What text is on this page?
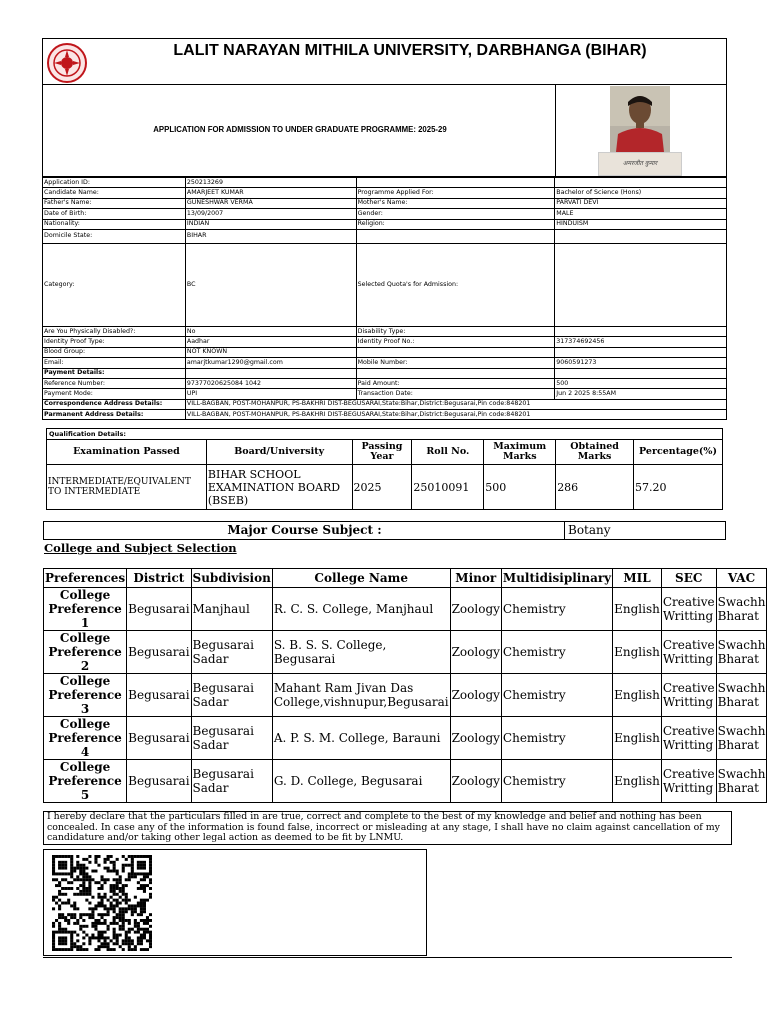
LALIT NARAYAN MITHILA UNIVERSITY, DARBHANGA (BIHAR)
APPLICATION FOR ADMISSION TO UNDER GRADUATE PROGRAMME: 2025-29
अमरजीत कुमार
Application ID:	250213269		
Candidate Name:	AMARJEET KUMAR	Programme Applied For:	Bachelor of Science (Hons)
Father's Name:	GUNESHWAR VERMA	Mother's Name:	PARVATI DEVI
Date of Birth:	13/09/2007	Gender:	MALE
Nationality:	INDIAN	Religion:	HINDUISM
Domicile State:	BIHAR		
Category:	BC	Selected Quota's for Admission:	
Are You Physically Disabled?:	No	Disability Type:	
Identity Proof Type:	Aadhar	Identity Proof No.:	317374692456
Blood Group:	NOT KNOWN		
Email:	amarjtkumar1290@gmail.com	Mobile Number:	9060591273
Payment Details:			
Reference Number:	97377020625084 1042	Paid Amount:	500
Payment Mode:	UPI	Transaction Date:	Jun 2 2025 8:55AM
Correspondence Address Details:	VILL-BAGBAN, POST-MOHANPUR, PS-BAKHRI DIST-BEGUSARAI,State:Bihar,District:Begusarai,Pin code:848201		
Parmanent Address Details:	VILL-BAGBAN, POST-MOHANPUR, PS-BAKHRI DIST-BEGUSARAI,State:Bihar,District:Begusarai,Pin code:848201		
Qualification Details:						
Examination Passed	Board/University	Passing Year	Roll No.	Maximum Marks	Obtained Marks	Percentage(%)
INTERMEDIATE/EQUIVALENT TO INTERMEDIATE	BIHAR SCHOOL EXAMINATION BOARD (BSEB)	2025	25010091	500	286	57.20
Major Course Subject :	Botany
College and Subject Selection
Preferences	District	Subdivision	College Name	Minor	Multidisiplinary	MIL	SEC	VAC
College Preference 1	Begusarai	Manjhaul	R. C. S. College, Manjhaul	Zoology	Chemistry	English	Creative Writting	Swachh Bharat
College Preference 2	Begusarai	Begusarai Sadar	S. B. S. S. College, Begusarai	Zoology	Chemistry	English	Creative Writting	Swachh Bharat
College Preference 3	Begusarai	Begusarai Sadar	Mahant Ram Jivan Das College,vishnupur,Begusarai	Zoology	Chemistry	English	Creative Writting	Swachh Bharat
College Preference 4	Begusarai	Begusarai Sadar	A. P. S. M. College, Barauni	Zoology	Chemistry	English	Creative Writting	Swachh Bharat
College Preference 5	Begusarai	Begusarai Sadar	G. D. College, Begusarai	Zoology	Chemistry	English	Creative Writting	Swachh Bharat
I hereby declare that the particulars filled in are true, correct and complete to the best of my knowledge and belief and nothing has been concealed. In case any of the information is found false, incorrect or misleading at any stage, I shall have no claim against cancellation of my candidature and/or taking other legal action as deemed to be fit by LNMU.
